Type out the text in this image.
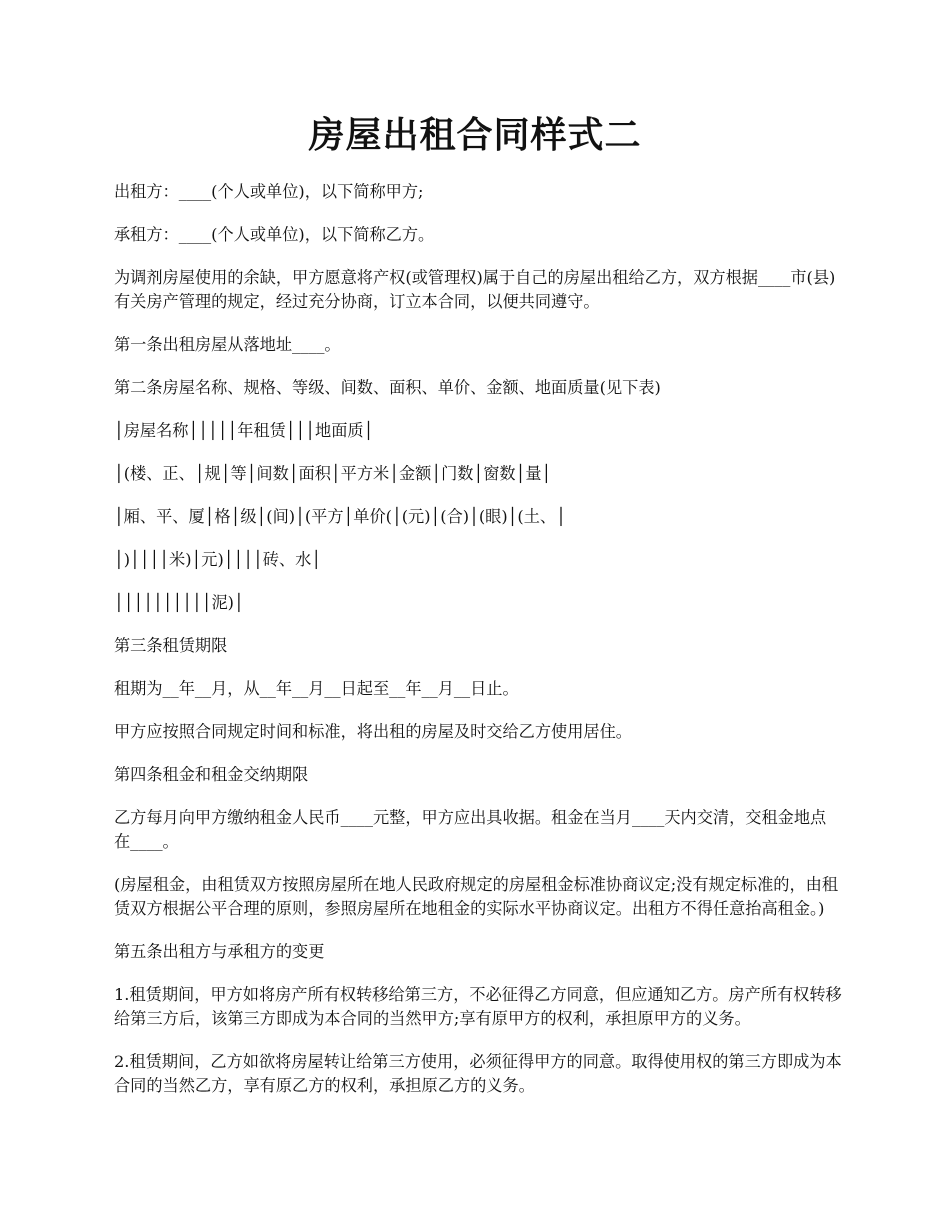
房屋出租合同样式二

出租方：____(个人或单位)，以下简称甲方;

承租方：____(个人或单位)，以下简称乙方。

为调剂房屋使用的余缺，甲方愿意将产权(或管理权)属于自己的房屋出租给乙方，双方根据____市(县)有关房产管理的规定，经过充分协商，订立本合同，以便共同遵守。

第一条出租房屋从落地址____。

第二条房屋名称、规格、等级、间数、面积、单价、金额、地面质量(见下表)

│房屋名称│││││年租赁│││地面质│

│(楼、正、│规│等│间数│面积│平方米│金额│门数│窗数│量│

│厢、平、厦│格│级│(间)│(平方│单价(│(元)│(合)│(眼)│(土、│

│)││││米)│元)││││砖、水│

││││││││││泥)│

第三条租赁期限

租期为__年__月，从__年__月__日起至__年__月__日止。

甲方应按照合同规定时间和标准，将出租的房屋及时交给乙方使用居住。

第四条租金和租金交纳期限

乙方每月向甲方缴纳租金人民币____元整，甲方应出具收据。租金在当月____天内交清，交租金地点在____。

(房屋租金，由租赁双方按照房屋所在地人民政府规定的房屋租金标准协商议定;没有规定标准的，由租赁双方根据公平合理的原则，参照房屋所在地租金的实际水平协商议定。出租方不得任意抬高租金。)

第五条出租方与承租方的变更

1.租赁期间，甲方如将房产所有权转移给第三方，不必征得乙方同意，但应通知乙方。房产所有权转移给第三方后，该第三方即成为本合同的当然甲方;享有原甲方的权利，承担原甲方的义务。

2.租赁期间，乙方如欲将房屋转让给第三方使用，必须征得甲方的同意。取得使用权的第三方即成为本合同的当然乙方，享有原乙方的权利，承担原乙方的义务。
